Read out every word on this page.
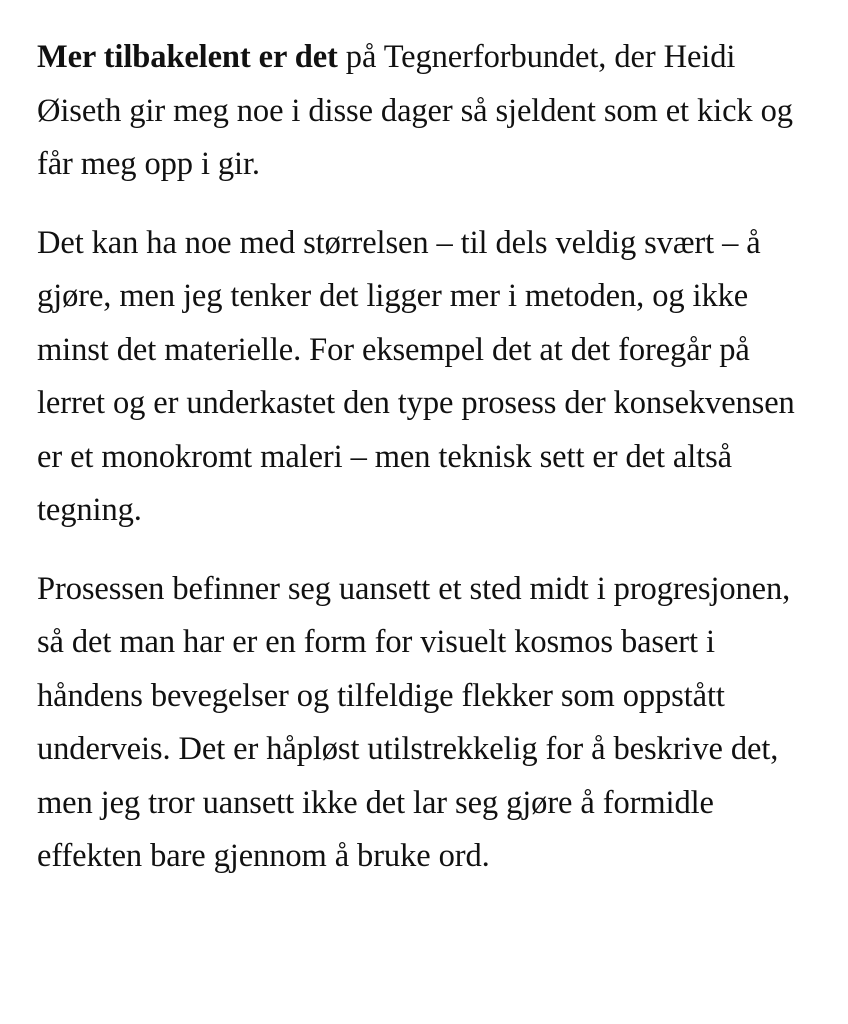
Mer tilbakelent er det på Tegnerforbundet, der Heidi Øiseth gir meg noe i disse dager så sjeldent som et kick og får meg opp i gir.

Det kan ha noe med størrelsen – til dels veldig svært – å gjøre, men jeg tenker det ligger mer i metoden, og ikke minst det materielle. For eksempel det at det foregår på lerret og er underkastet den type prosess der konsekvensen er et monokromt maleri – men teknisk sett er det altså tegning.

Prosessen befinner seg uansett et sted midt i progresjonen, så det man har er en form for visuelt kosmos basert i håndens bevegelser og tilfeldige flekker som oppstått underveis. Det er håpløst utilstrekkelig for å beskrive det, men jeg tror uansett ikke det lar seg gjøre å formidle effekten bare gjennom å bruke ord.
